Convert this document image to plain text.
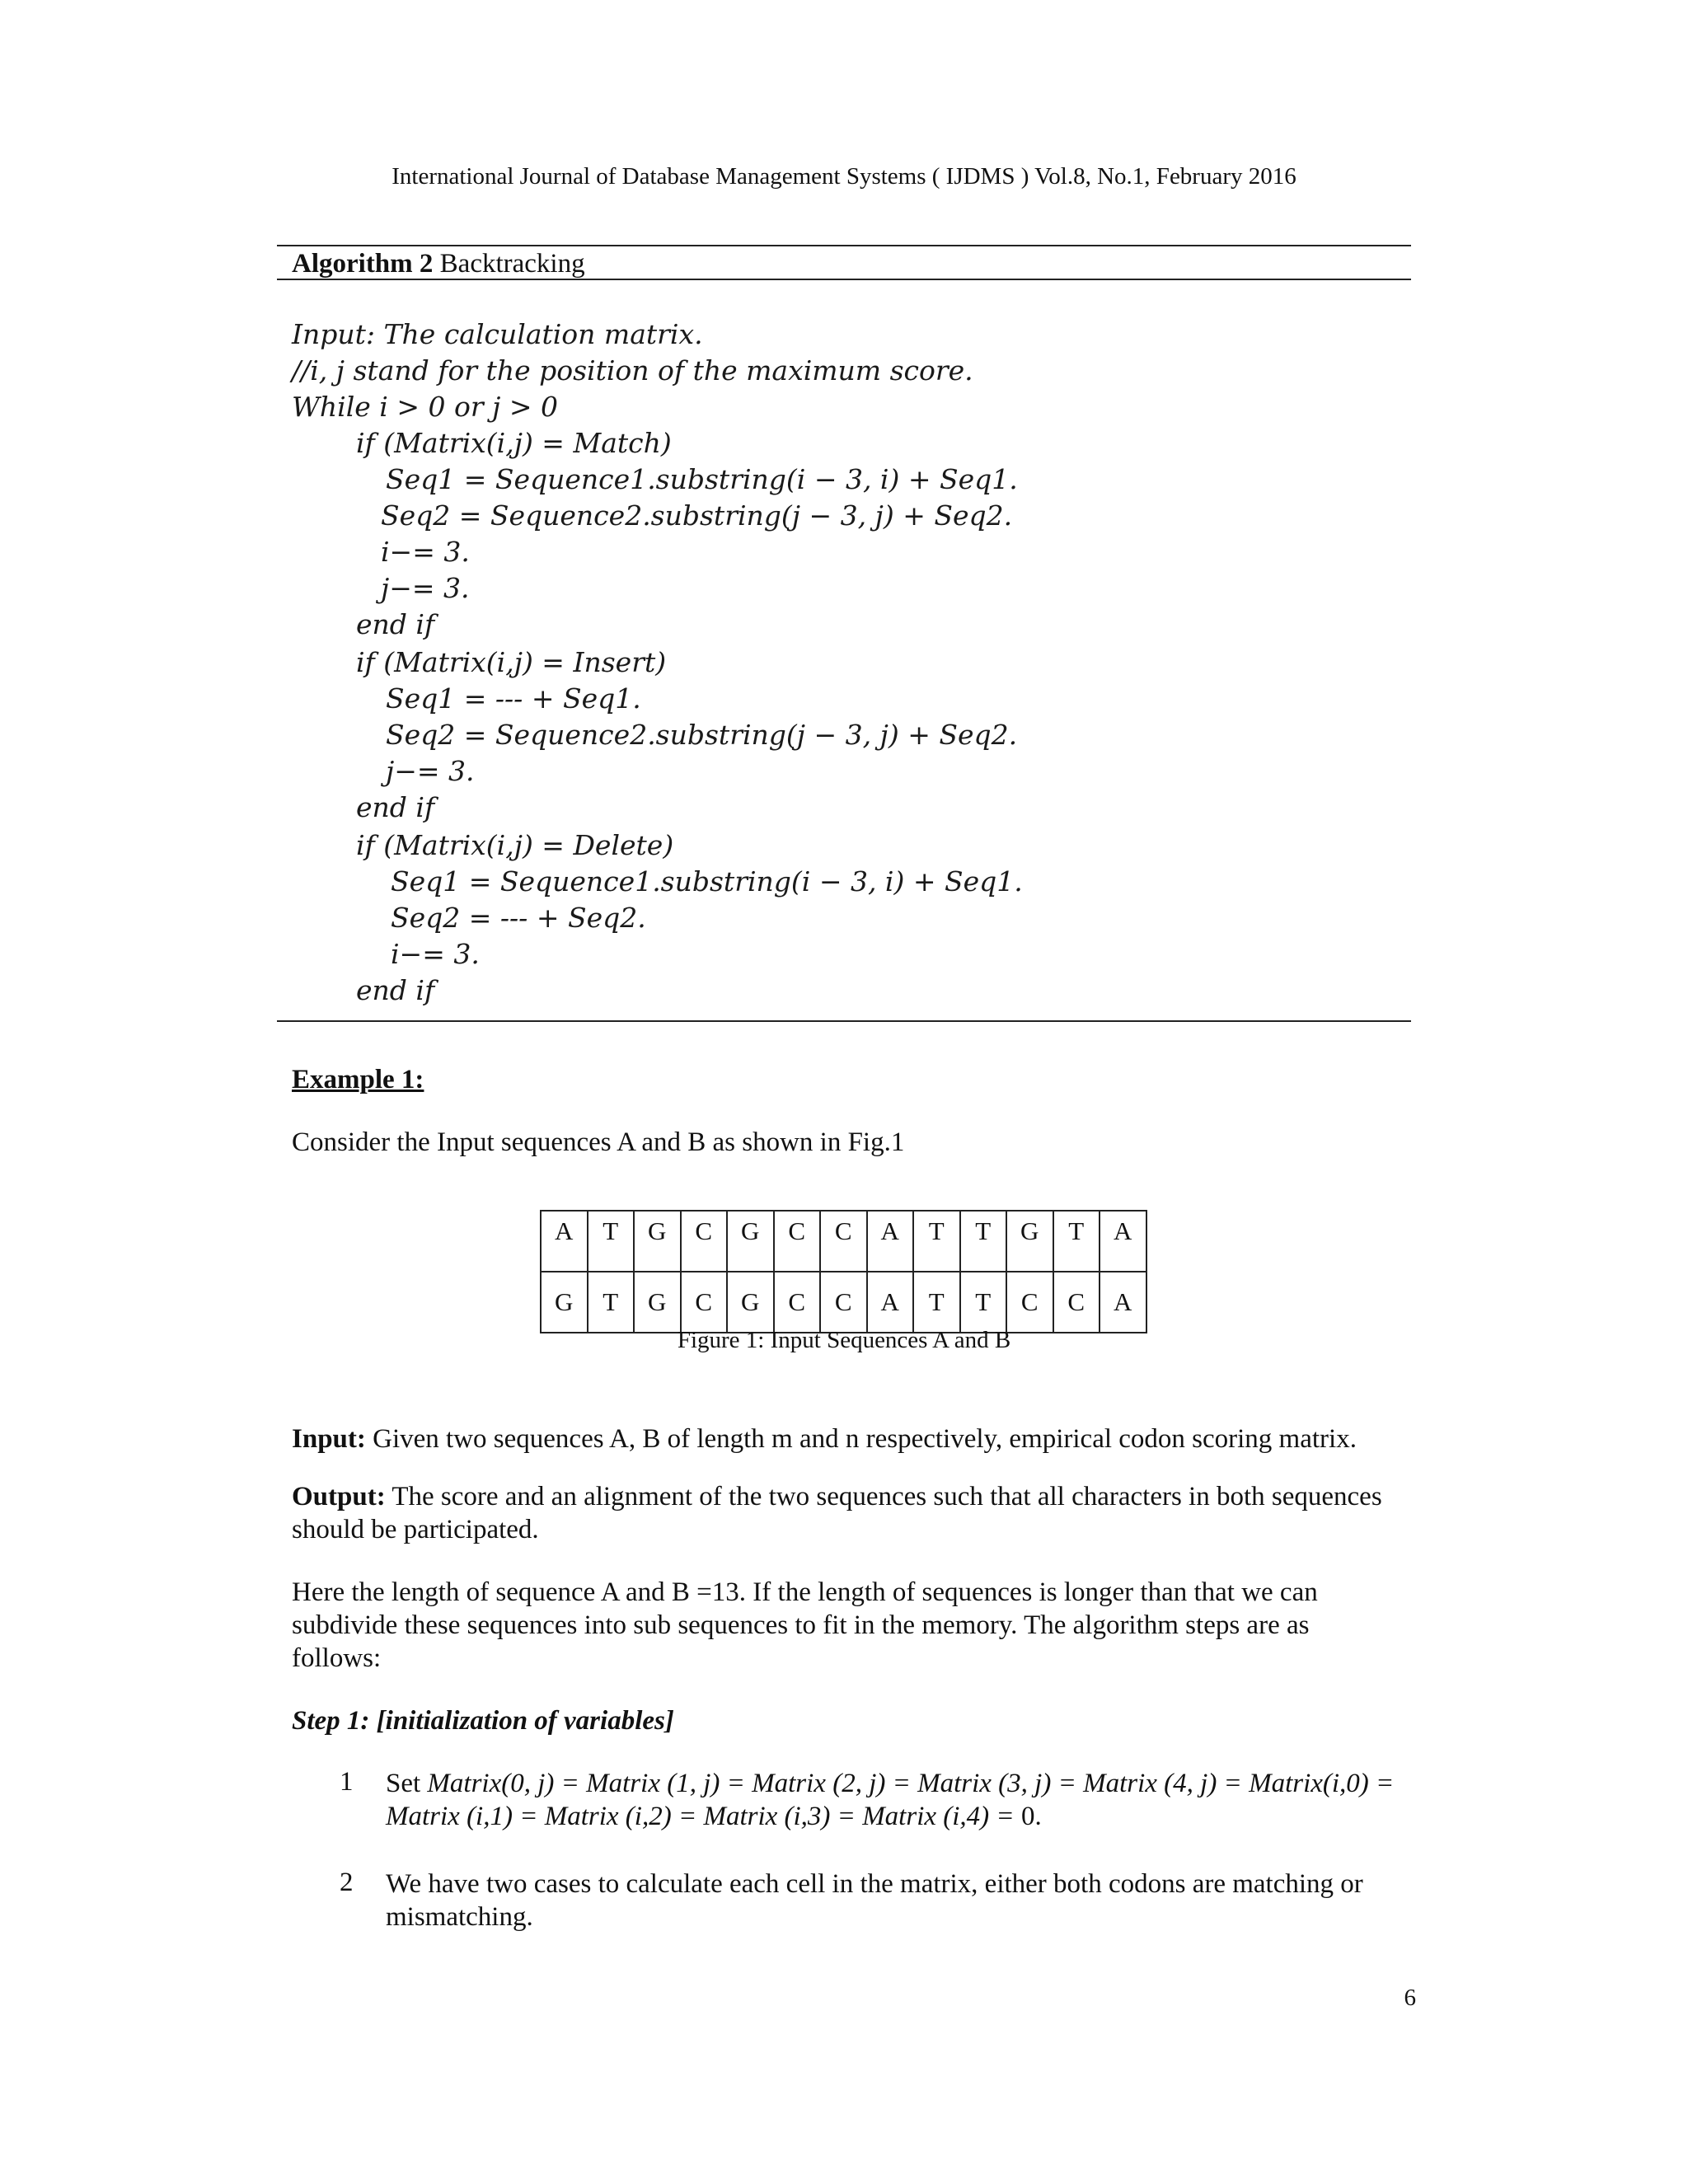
International Journal of Database Management Systems ( IJDMS ) Vol.8, No.1, February 2016
Algorithm 2 Backtracking
Input: The calculation matrix.
//i, j stand for the position of the maximum score.
While i > 0 or j > 0
if (Matrix(i,j) = Match)
Seq1 = Sequence1.substring(i − 3, i) + Seq1.
Seq2 = Sequence2.substring(j − 3, j) + Seq2.
i−= 3.
j−= 3.
end if
if (Matrix(i,j) = Insert)
Seq1 = --- + Seq1.
Seq2 = Sequence2.substring(j − 3, j) + Seq2.
j−= 3.
end if
if (Matrix(i,j) = Delete)
Seq1 = Sequence1.substring(i − 3, i) + Seq1.
Seq2 = --- + Seq2.
i−= 3.
end if
Example 1:
Consider the Input sequences A and B as shown in Fig.1
A	T	G	C	G	C	C	A	T	T	G	T	A
G	T	G	C	G	C	C	A	T	T	C	C	A
Figure 1: Input Sequences A and B
Input: Given two sequences A, B of length m and n respectively, empirical codon scoring matrix.
Output: The score and an alignment of the two sequences such that all characters in both sequences should be participated.
Here the length of sequence A and B =13. If the length of sequences is longer than that we can subdivide these sequences into sub sequences to fit in the memory. The algorithm steps are as follows:
Step 1: [initialization of variables]
1 Set Matrix(0, j) = Matrix (1, j) = Matrix (2, j) = Matrix (3, j) = Matrix (4, j) = Matrix(i,0) = Matrix (i,1) = Matrix (i,2) = Matrix (i,3) = Matrix (i,4) = 0.
2 We have two cases to calculate each cell in the matrix, either both codons are matching or mismatching.
6
